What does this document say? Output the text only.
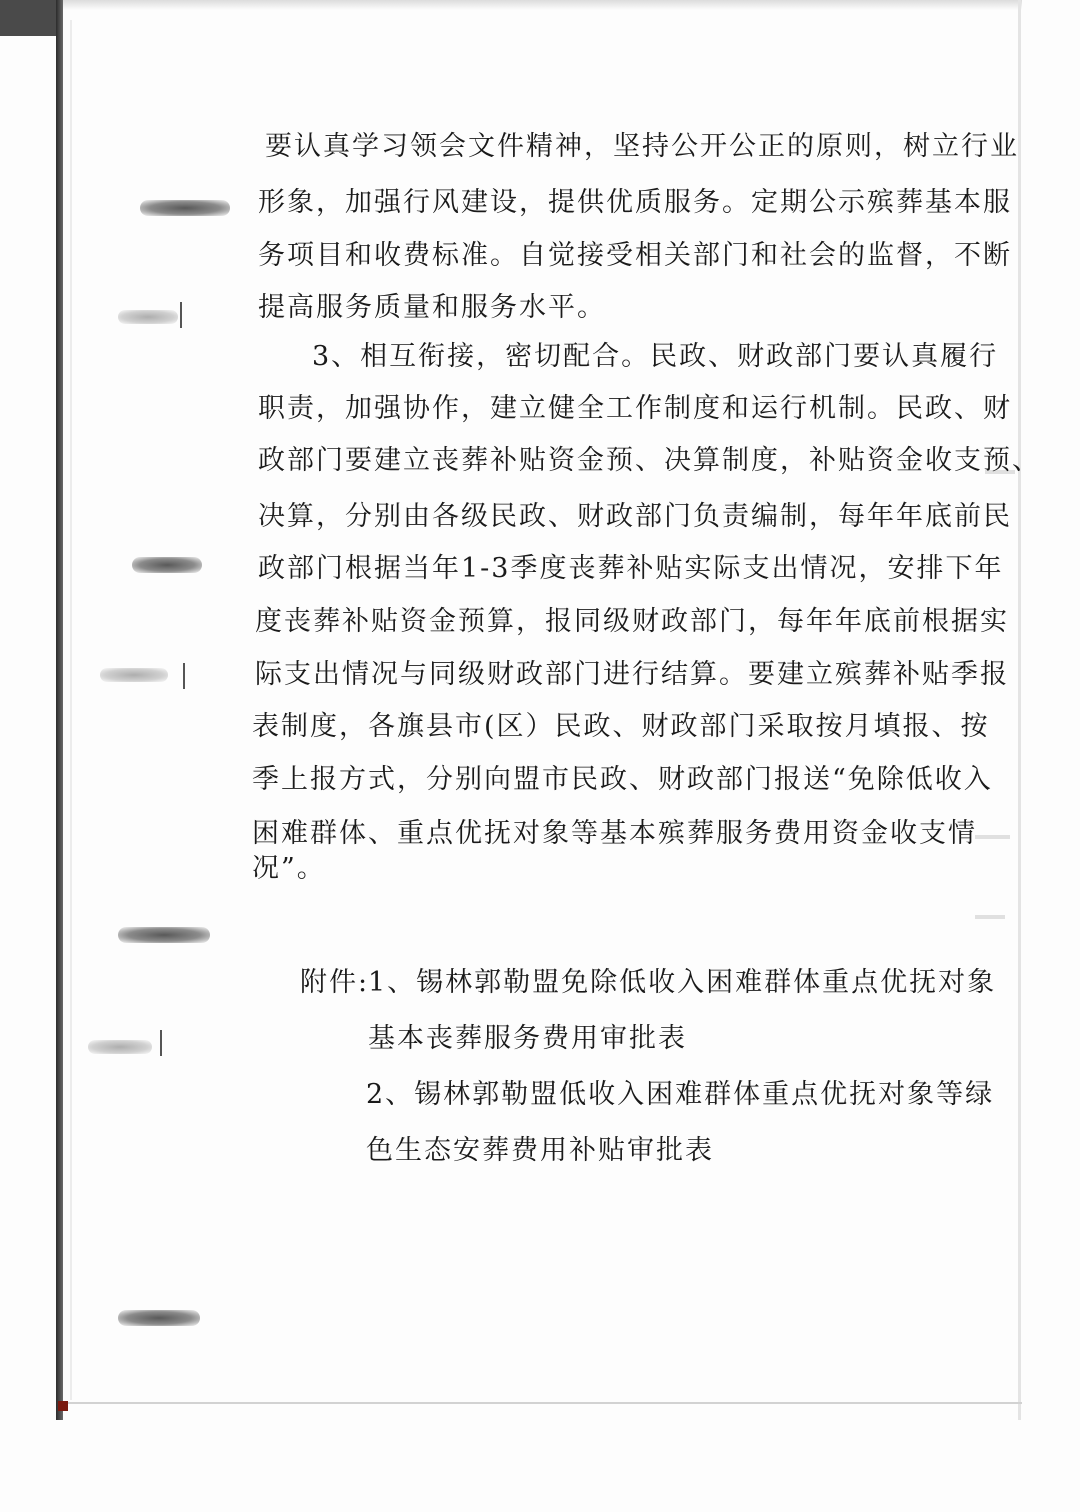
要认真学习领会文件精神，坚持公开公正的原则，树立行业
形象，加强行风建设，提供优质服务。定期公示殡葬基本服
务项目和收费标准。自觉接受相关部门和社会的监督，不断
提高服务质量和服务水平。
3、相互衔接，密切配合。民政、财政部门要认真履行
职责，加强协作，建立健全工作制度和运行机制。民政、财
政部门要建立丧葬补贴资金预、决算制度，补贴资金收支预、
决算，分别由各级民政、财政部门负责编制，每年年底前民
政部门根据当年1-3季度丧葬补贴实际支出情况，安排下年
度丧葬补贴资金预算，报同级财政部门，每年年底前根据实
际支出情况与同级财政部门进行结算。要建立殡葬补贴季报
表制度，各旗县市(区）民政、财政部门采取按月填报、按
季上报方式，分别向盟市民政、财政部门报送“免除低收入
困难群体、重点优抚对象等基本殡葬服务费用资金收支情
况”。
附件:
1、锡林郭勒盟免除低收入困难群体重点优抚对象
基本丧葬服务费用审批表
2、锡林郭勒盟低收入困难群体重点优抚对象等绿
色生态安葬费用补贴审批表
